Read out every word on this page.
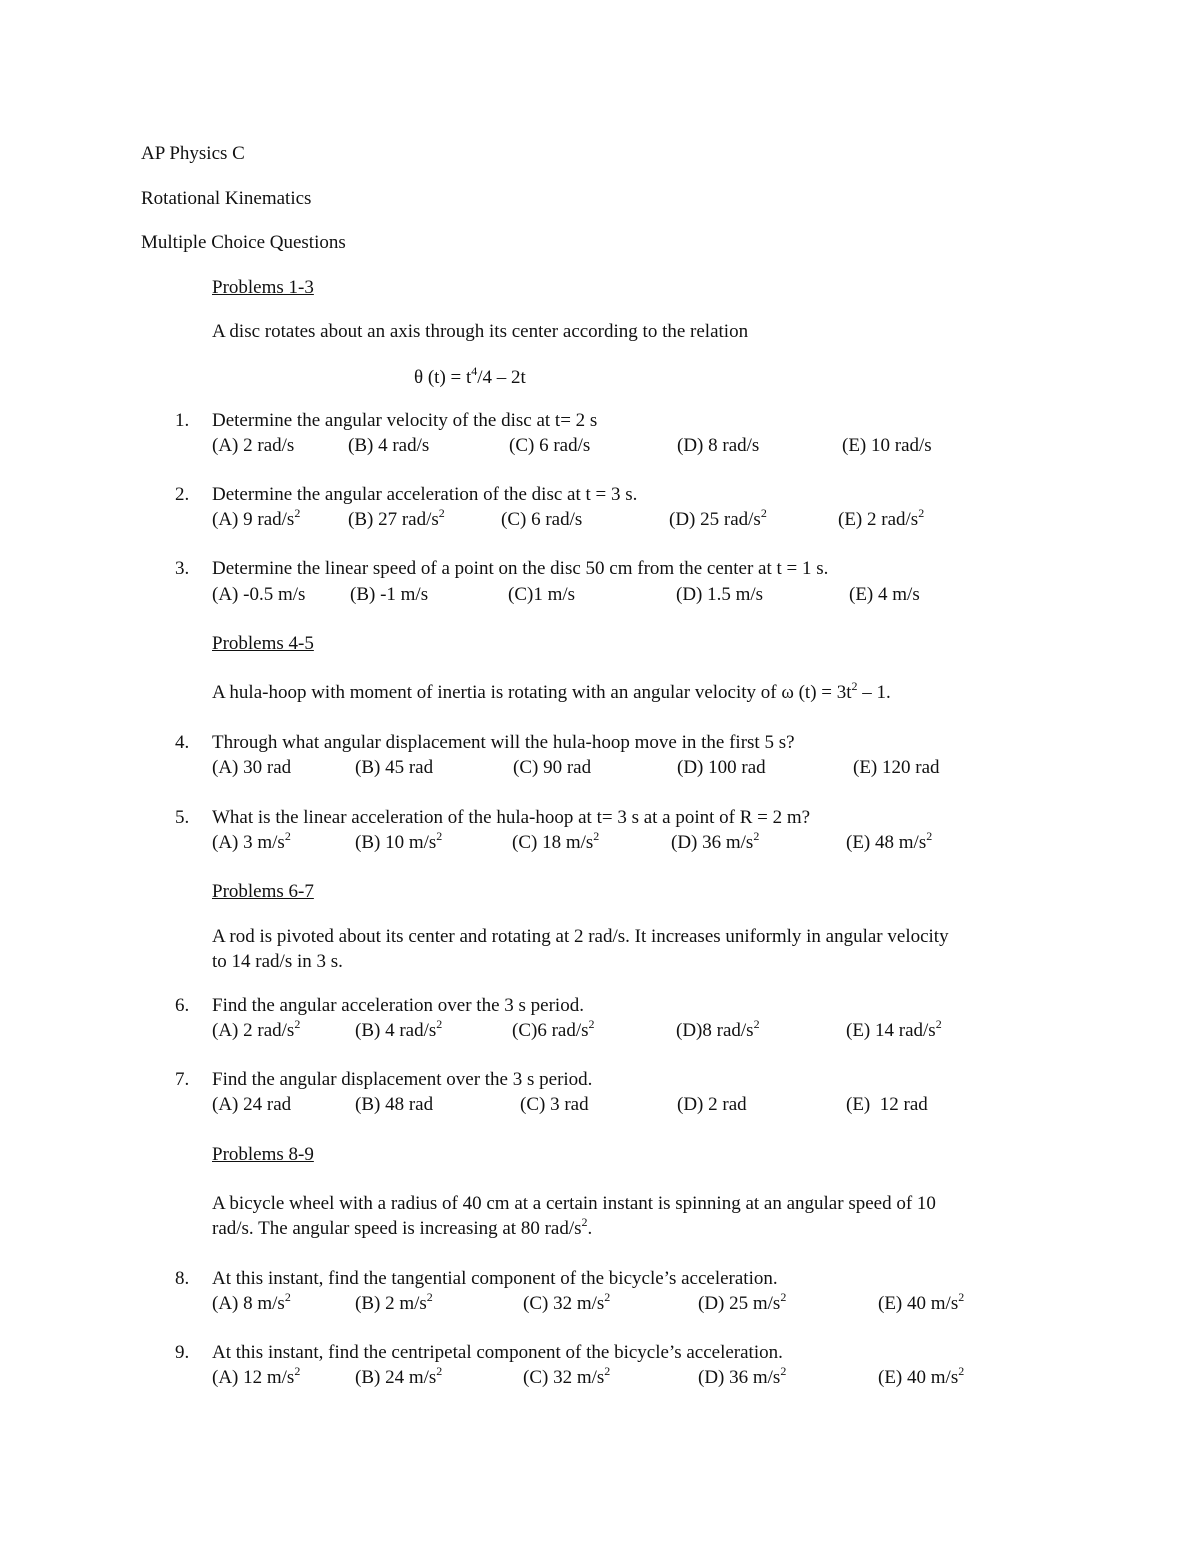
AP Physics C
Rotational Kinematics
Multiple Choice Questions
Problems 1-3
A disc rotates about an axis through its center according to the relation
θ $(t) = t^4/4 - 2t$
1. Determine the angular velocity of the disc at t= 2 s
(A) 2 rad/s	(B) 4 rad/s	(C) 6 rad/s	(D) 8 rad/s	(E) 10 rad/s
2. Determine the angular acceleration of the disc at t = 3 s.
(A) 9 rad/$s^2$	(B) 27 rad/$s^2$	(C) 6 rad/s	(D) 25 rad/$s^2$	(E) 2 rad/$s^2$
3. Determine the linear speed of a point on the disc 50 cm from the center at t = 1 s.
(A) -0.5 m/s (B) -1 m/s	(C)1 m/s	(D) 1.5 m/s	(E) 4 m/s
Problems 4-5
A hula-hoop with moment of inertia is rotating with an angular velocity of ω $(t) = 3t^2 - 1$.
4. Through what angular displacement will the hula-hoop move in the first 5 s?
(A) 30 rad	(B) 45 rad	(C) 90 rad	(D) 100 rad	(E) 120 rad
5. What is the linear acceleration of the hula-hoop at t= 3 s at a point of R = 2 m?
(A) 3 $m/s^2$	(B) 10 $m/s^2$	(C) 18 $m/s^2$	(D) 36 $m/s^2$	(E) 48 $m/s^2$
Problems 6-7
A rod is pivoted about its center and rotating at 2 rad/s. It increases uniformly in angular velocity
to 14 rad/s in 3 s.
6. Find the angular acceleration over the 3 s period.
(A) 2 rad/$s^2$	(B) 4 rad/$s^2$	(C)6 rad/$s^2$	(D)8 rad/$s^2$	(E) 14 rad/$s^2$
7. Find the angular displacement over the 3 s period.
(A) 24 rad	(B) 48 rad	(C) 3 rad	(D) 2 rad	(E)  12 rad
Problems 8-9
A bicycle wheel with a radius of 40 cm at a certain instant is spinning at an angular speed of 10
rad/s. The angular speed is increasing at 80 rad/$s^2$.
8. At this instant, find the tangential component of the bicycle’s acceleration.
(A) 8 $m/s^2$	(B) 2 $m/s^2$	(C) 32 $m/s^2$	(D) 25 $m/s^2$	(E) 40 $m/s^2$
9. At this instant, find the centripetal component of the bicycle’s acceleration.
(A) 12 $m/s^2$	(B) 24 $m/s^2$	(C) 32 $m/s^2$	(D) 36 $m/s^2$	(E) 40 $m/s^2$
